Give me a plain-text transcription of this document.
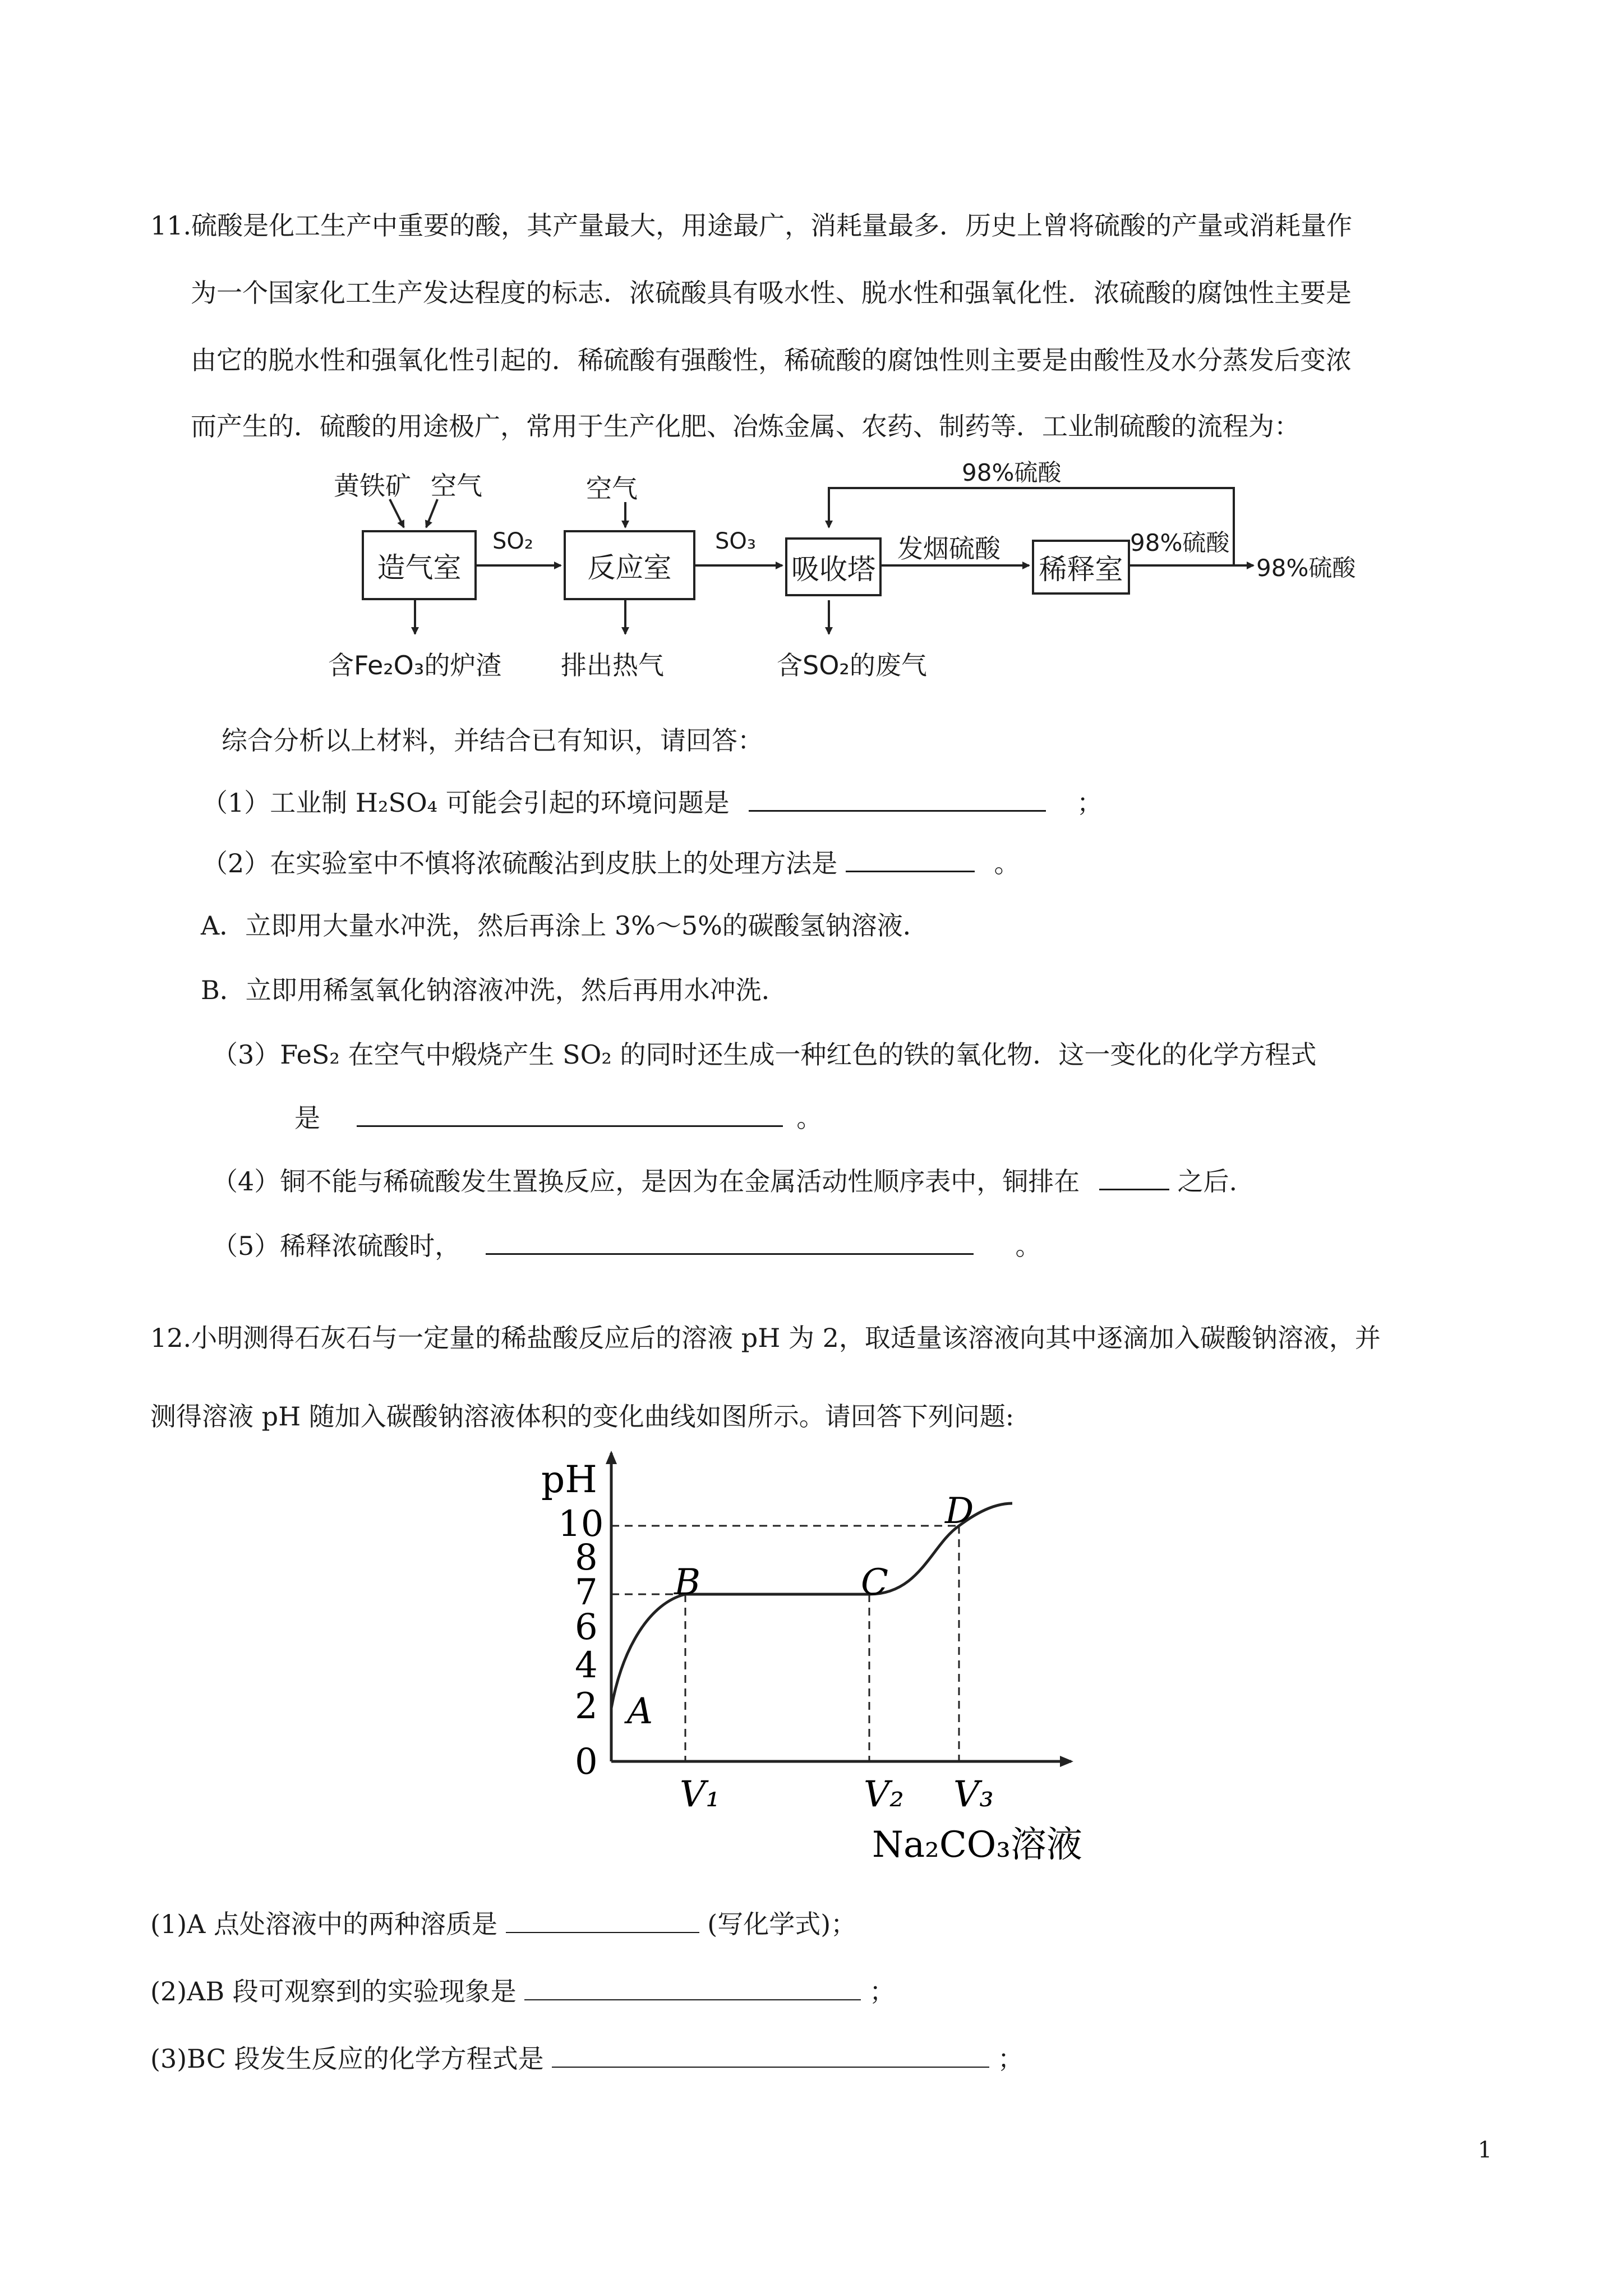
11.硫酸是化工生产中重要的酸，其产量最大，用途最广，消耗量最多．历史上曾将硫酸的产量或消耗量作
为一个国家化工生产发达程度的标志．浓硫酸具有吸水性、脱水性和强氧化性．浓硫酸的腐蚀性主要是
由它的脱水性和强氧化性引起的．稀硫酸有强酸性，稀硫酸的腐蚀性则主要是由酸性及水分蒸发后变浓
而产生的．硫酸的用途极广，常用于生产化肥、冶炼金属、农药、制药等．工业制硫酸的流程为：
黄铁矿 空气	空气
造气室	反应室	吸收塔	稀释室
SO₂	SO₃	发烟硫酸	98%硫酸
98%硫酸
98%硫酸
含Fe₂O₃的炉渣 排出热气	含SO₂的废气
综合分析以上材料，并结合已有知识，请回答：
（1）工业制 H₂SO₄ 可能会引起的环境问题是	；
（2）在实验室中不慎将浓硫酸沾到皮肤上的处理方法是	。
A．立即用大量水冲洗，然后再涂上 3%～5%的碳酸氢钠溶液．
B．立即用稀氢氧化钠溶液冲洗，然后再用水冲洗．
（3）FeS₂ 在空气中煅烧产生 SO₂ 的同时还生成一种红色的铁的氧化物．这一变化的化学方程式
是	。
（4）铜不能与稀硫酸发生置换反应，是因为在金属活动性顺序表中，铜排在	之后.
（5）稀释浓硫酸时，	。
12.小明测得石灰石与一定量的稀盐酸反应后的溶液 pH 为 2，取适量该溶液向其中逐滴加入碳酸钠溶液，并
测得溶液 pH 随加入碳酸钠溶液体积的变化曲线如图所示。请回答下列问题:
pH
10
8
7
6
4
2
0
V₁	V₂ V₃
Na₂CO₃溶液
A
B	C
D
(1)A 点处溶液中的两种溶质是	(写化学式)；
(2)AB 段可观察到的实验现象是	；
(3)BC 段发生反应的化学方程式是	；
1
